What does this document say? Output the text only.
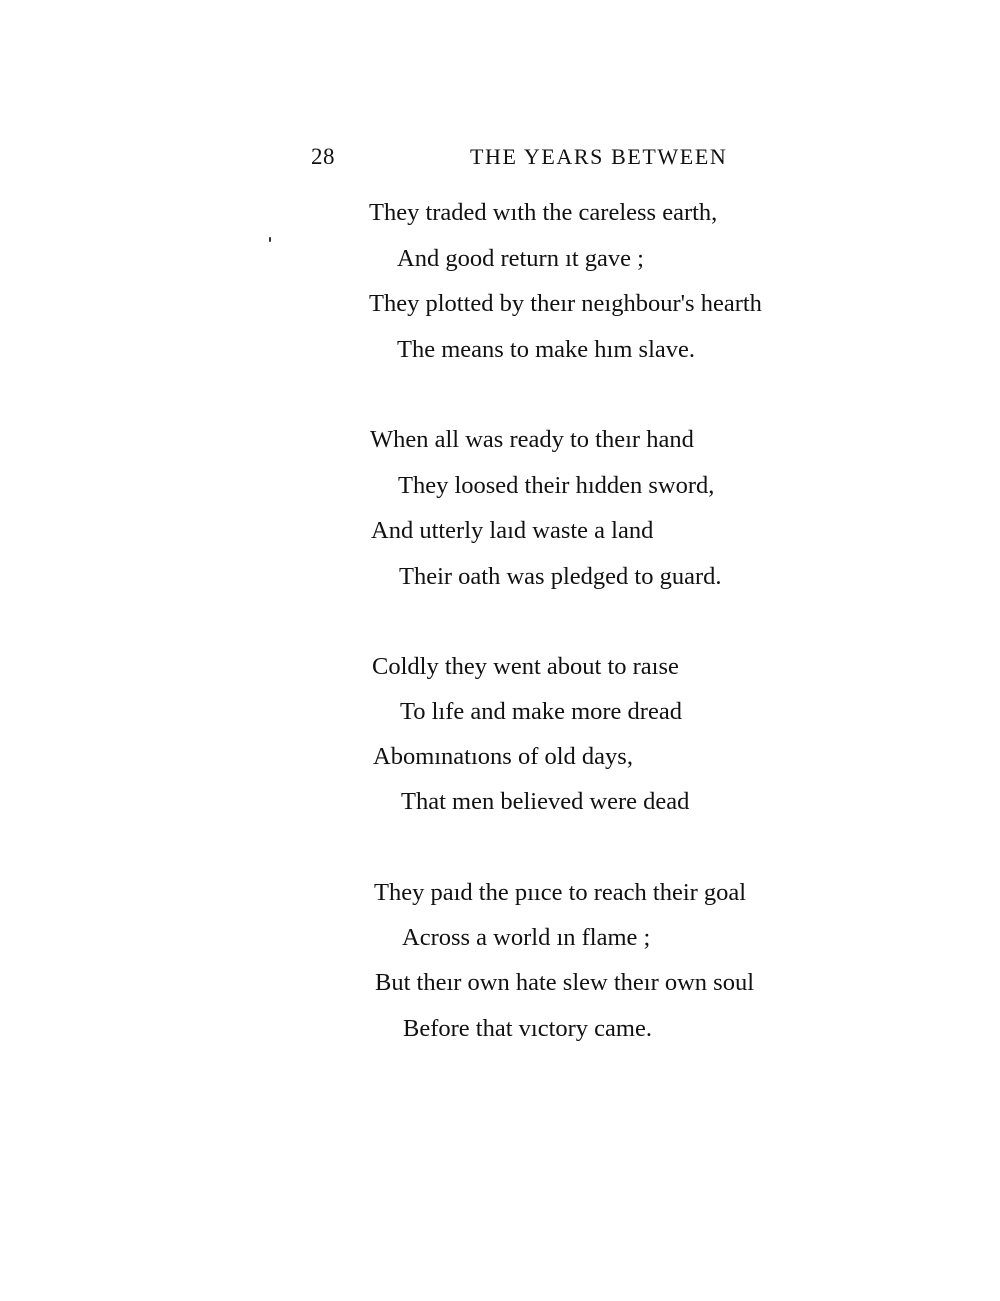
28	THE YEARS BETWEEN
They traded wıth the careless earth,
And good return ıt gave ;
They plotted by theır neıghbour's hearth
The means to make hım slave.
When all was ready to theır hand
They loosed their hıdden sword,
And utterly laıd waste a land
Their oath was pledged to guard.
Coldly they went about to raıse
To lıfe and make more dread
Abomınatıons of old days,
That men believed were dead
They paıd the pııce to reach their goal
Across a world ın flame ;
But theır own hate slew theır own soul
Before that vıctory came.
